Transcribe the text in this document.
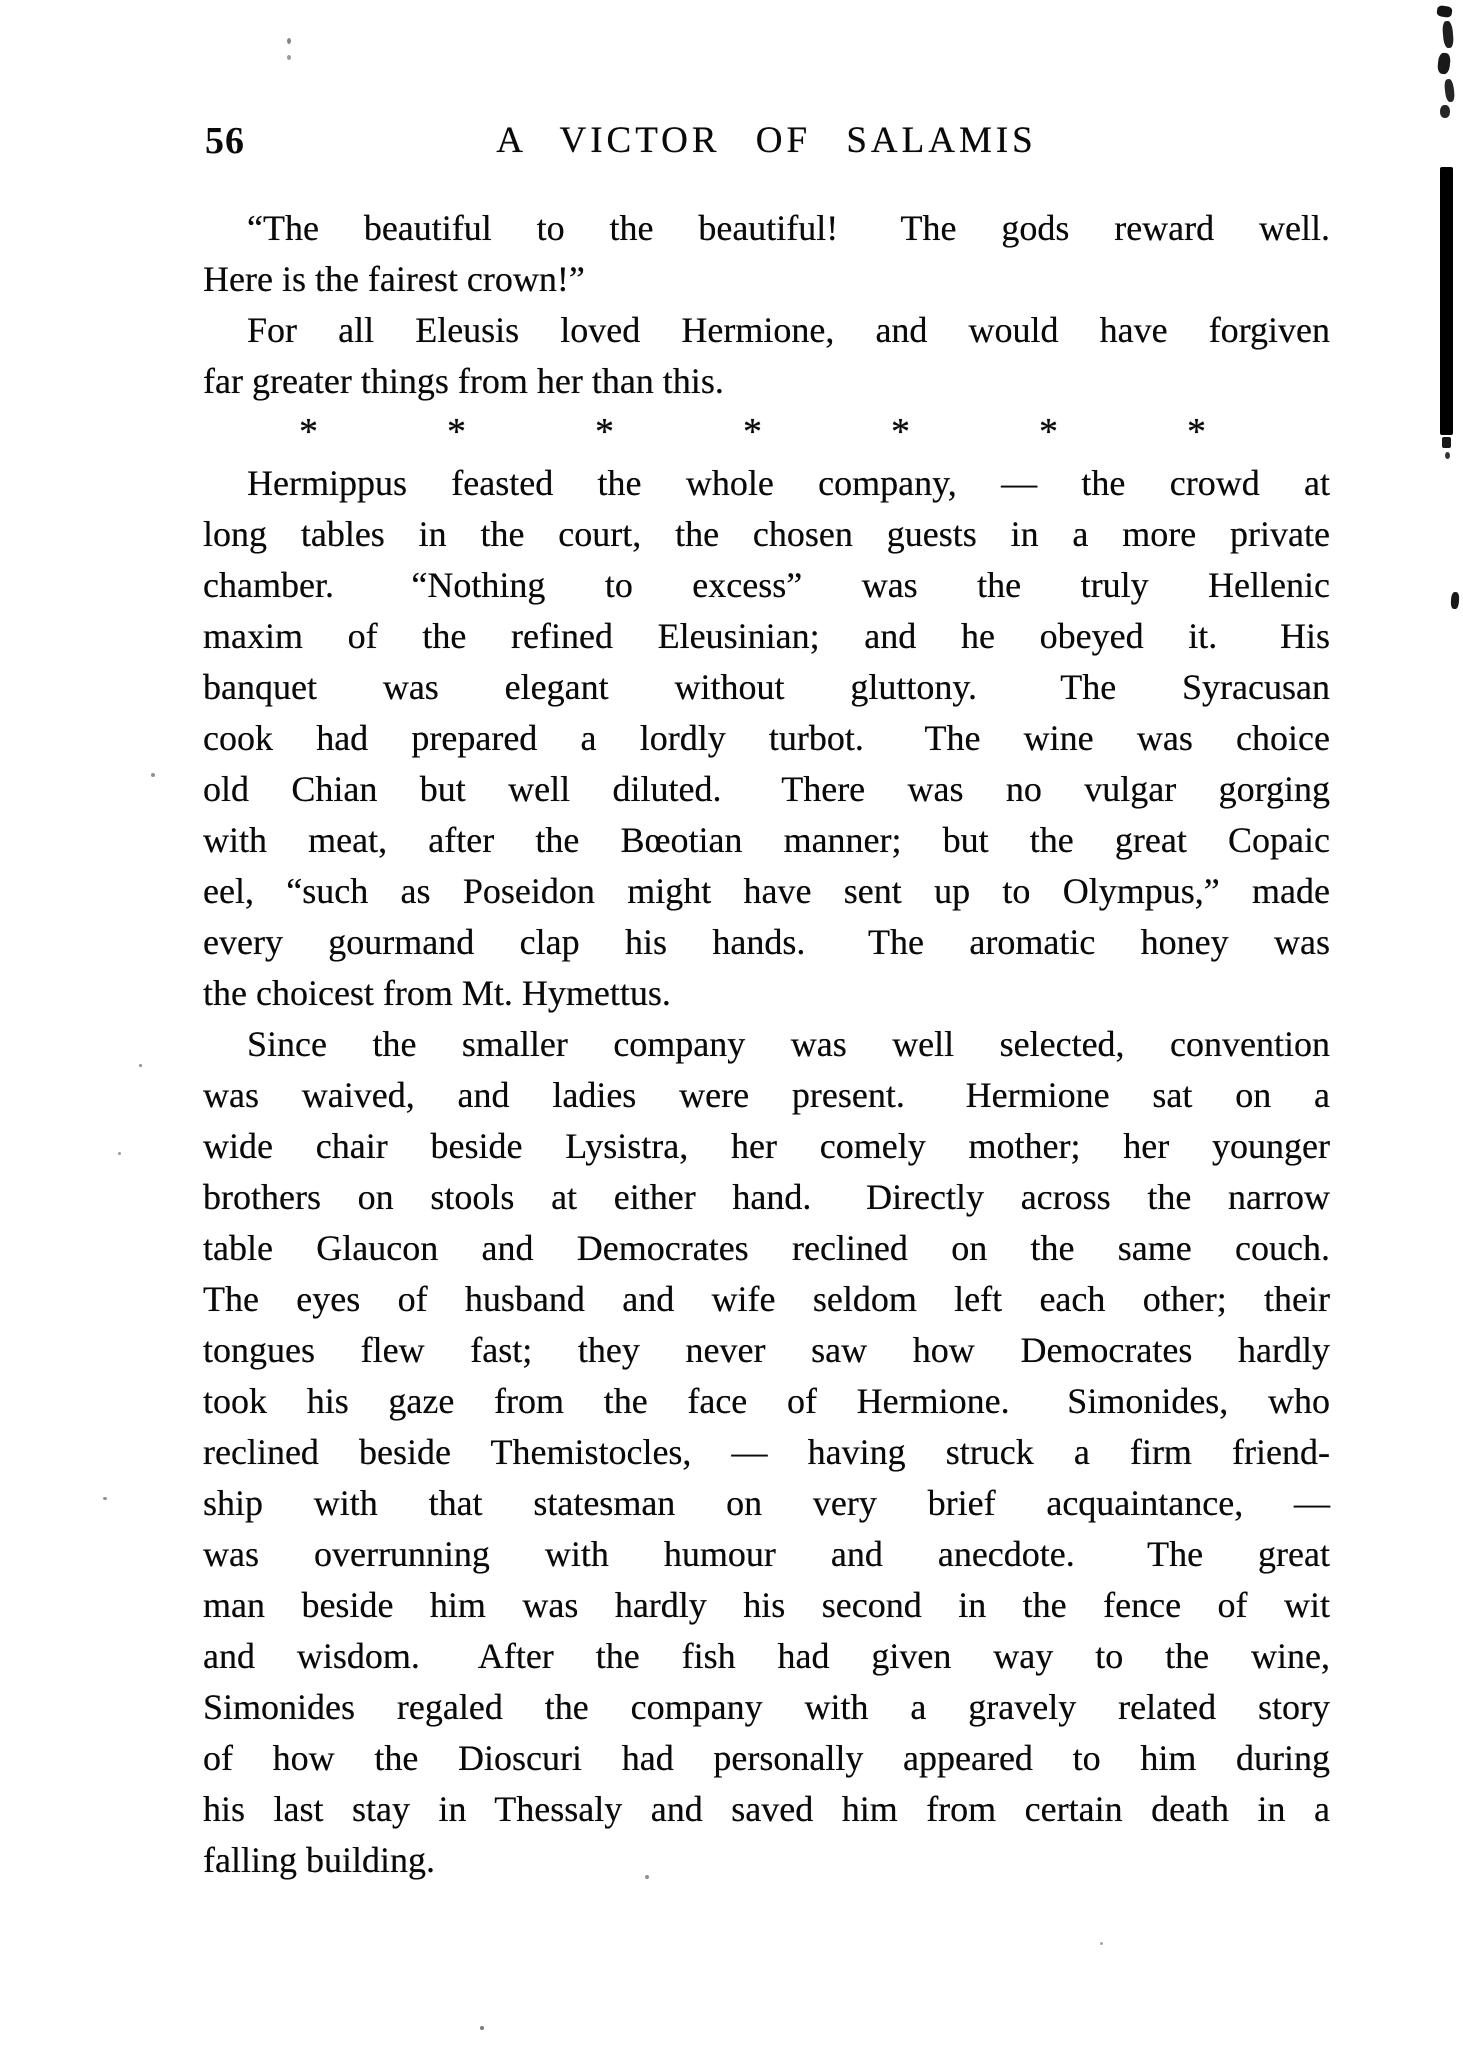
56	A VICTOR OF SALAMIS
“The beautiful to the beautiful!  The gods reward well.
Here is the fairest crown!”
For all Eleusis loved Hermione, and would have forgiven
far greater things from her than this.
*	*	*	*	*	*	*
Hermippus feasted the whole company, — the crowd at
long tables in the court, the chosen guests in a more private
chamber.  “Nothing to excess” was the truly Hellenic
maxim of the refined Eleusinian; and he obeyed it.  His
banquet was elegant without gluttony.  The Syracusan
cook had prepared a lordly turbot.  The wine was choice
old Chian but well diluted.  There was no vulgar gorging
with meat, after the Bœotian manner; but the great Copaic
eel, “such as Poseidon might have sent up to Olympus,” made
every gourmand clap his hands.  The aromatic honey was
the choicest from Mt. Hymettus.
Since the smaller company was well selected, convention
was waived, and ladies were present.  Hermione sat on a
wide chair beside Lysistra, her comely mother; her younger
brothers on stools at either hand.  Directly across the narrow
table Glaucon and Democrates reclined on the same couch.
The eyes of husband and wife seldom left each other; their
tongues flew fast; they never saw how Democrates hardly
took his gaze from the face of Hermione.  Simonides, who
reclined beside Themistocles, — having struck a firm friend-
ship with that statesman on very brief acquaintance, —
was overrunning with humour and anecdote.  The great
man beside him was hardly his second in the fence of wit
and wisdom.  After the fish had given way to the wine,
Simonides regaled the company with a gravely related story
of how the Dioscuri had personally appeared to him during
his last stay in Thessaly and saved him from certain death in a
falling building.
